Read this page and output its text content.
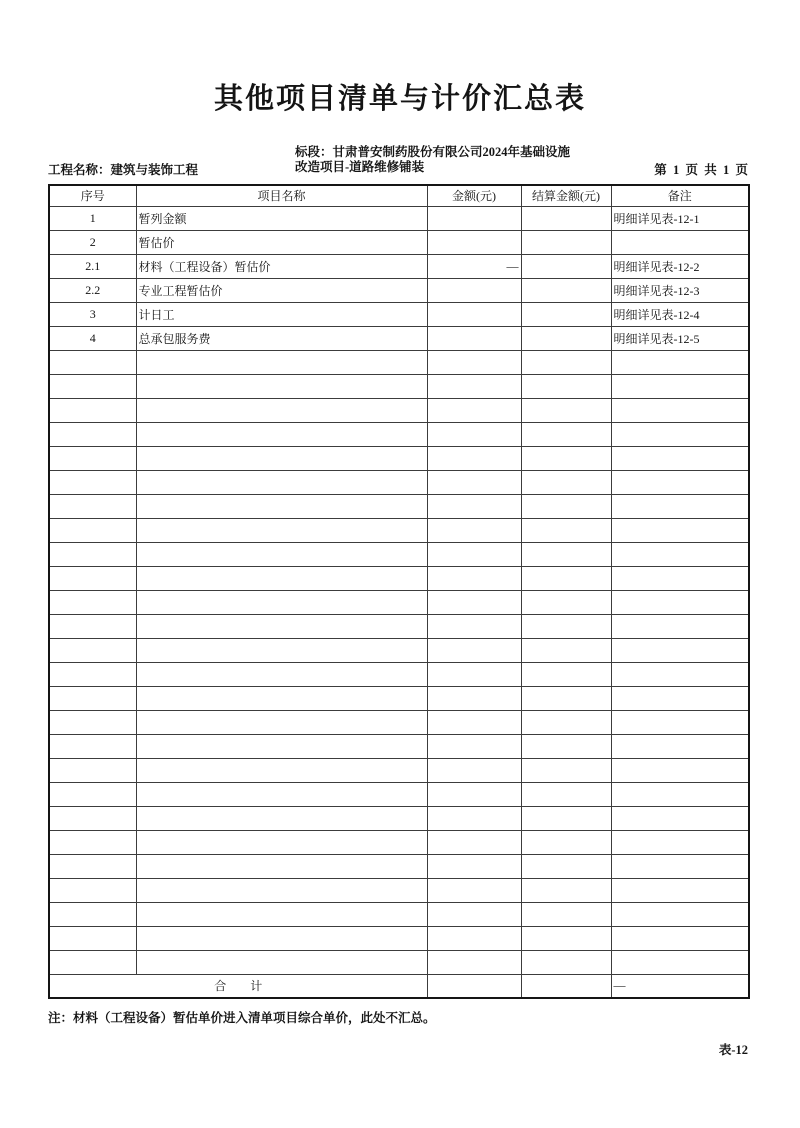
其他项目清单与计价汇总表
工程名称：建筑与装饰工程
标段：甘肃普安制药股份有限公司2024年基础设施
改造项目-道路维修铺装	第  1  页  共  1  页
序号	项目名称	金额(元)	结算金额(元)	备注
1	暂列金额			明细详见表-12-1
2	暂估价			
2.1	材料（工程设备）暂估价	—		明细详见表-12-2
2.2	专业工程暂估价			明细详见表-12-3
3	计日工			明细详见表-12-4
4	总承包服务费			明细详见表-12-5

合　　计				—
注：材料（工程设备）暂估单价进入清单项目综合单价，此处不汇总。
表-12
